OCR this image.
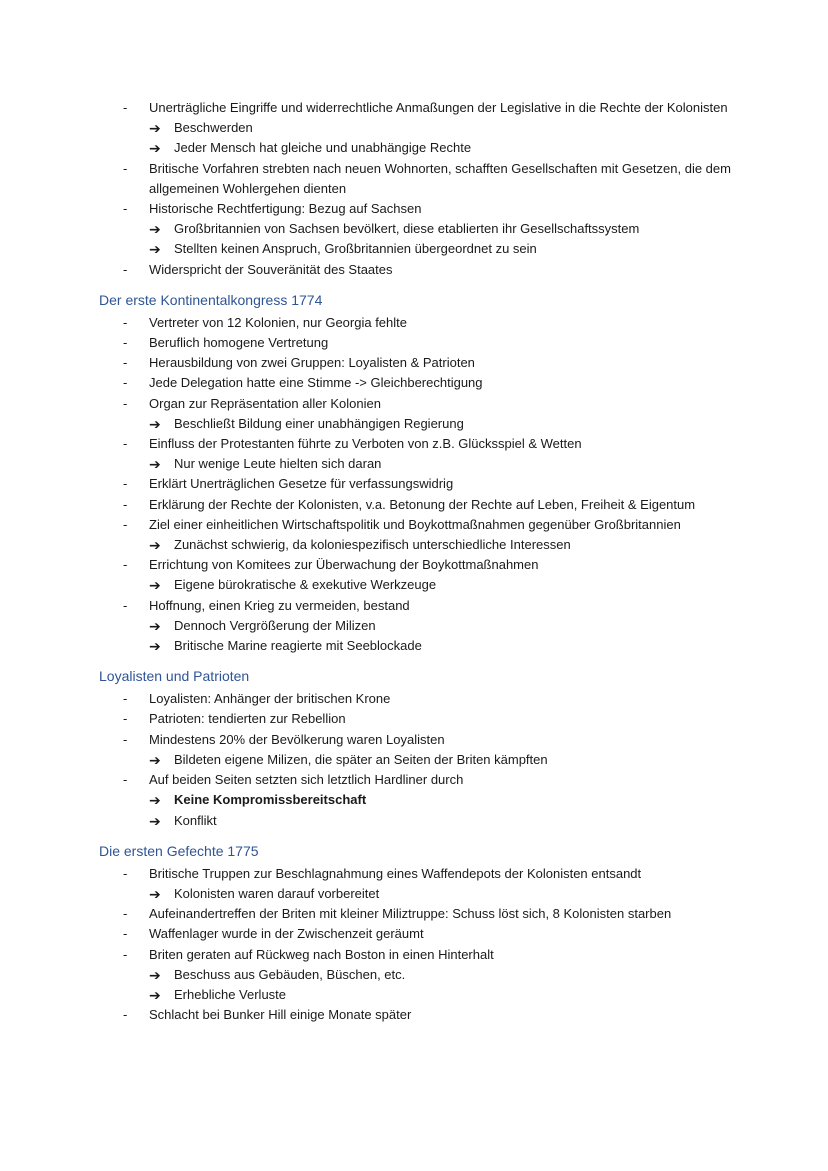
- Unerträgliche Eingriffe und widerrechtliche Anmaßungen der Legislative in die Rechte der Kolonisten
➔ Beschwerden
➔ Jeder Mensch hat gleiche und unabhängige Rechte
- Britische Vorfahren strebten nach neuen Wohnorten, schafften Gesellschaften mit Gesetzen, die dem allgemeinen Wohlergehen dienten
- Historische Rechtfertigung: Bezug auf Sachsen
➔ Großbritannien von Sachsen bevölkert, diese etablierten ihr Gesellschaftssystem
➔ Stellten keinen Anspruch, Großbritannien übergeordnet zu sein
- Widerspricht der Souveränität des Staates
Der erste Kontinentalkongress 1774
- Vertreter von 12 Kolonien, nur Georgia fehlte
- Beruflich homogene Vertretung
- Herausbildung von zwei Gruppen: Loyalisten & Patrioten
- Jede Delegation hatte eine Stimme -> Gleichberechtigung
- Organ zur Repräsentation aller Kolonien
➔ Beschließt Bildung einer unabhängigen Regierung
- Einfluss der Protestanten führte zu Verboten von z.B. Glücksspiel & Wetten
➔ Nur wenige Leute hielten sich daran
- Erklärt Unerträglichen Gesetze für verfassungswidrig
- Erklärung der Rechte der Kolonisten, v.a. Betonung der Rechte auf Leben, Freiheit & Eigentum
- Ziel einer einheitlichen Wirtschaftspolitik und Boykottmaßnahmen gegenüber Großbritannien
➔ Zunächst schwierig, da koloniespezifisch unterschiedliche Interessen
- Errichtung von Komitees zur Überwachung der Boykottmaßnahmen
➔ Eigene bürokratische & exekutive Werkzeuge
- Hoffnung, einen Krieg zu vermeiden, bestand
➔ Dennoch Vergrößerung der Milizen
➔ Britische Marine reagierte mit Seeblockade
Loyalisten und Patrioten
- Loyalisten: Anhänger der britischen Krone
- Patrioten: tendierten zur Rebellion
- Mindestens 20% der Bevölkerung waren Loyalisten
➔ Bildeten eigene Milizen, die später an Seiten der Briten kämpften
- Auf beiden Seiten setzten sich letztlich Hardliner durch
➔ Keine Kompromissbereitschaft
➔ Konflikt
Die ersten Gefechte 1775
- Britische Truppen zur Beschlagnahmung eines Waffendepots der Kolonisten entsandt
➔ Kolonisten waren darauf vorbereitet
- Aufeinandertreffen der Briten mit kleiner Miliztruppe: Schuss löst sich, 8 Kolonisten starben
- Waffenlager wurde in der Zwischenzeit geräumt
- Briten geraten auf Rückweg nach Boston in einen Hinterhalt
➔ Beschuss aus Gebäuden, Büschen, etc.
➔ Erhebliche Verluste
- Schlacht bei Bunker Hill einige Monate später
